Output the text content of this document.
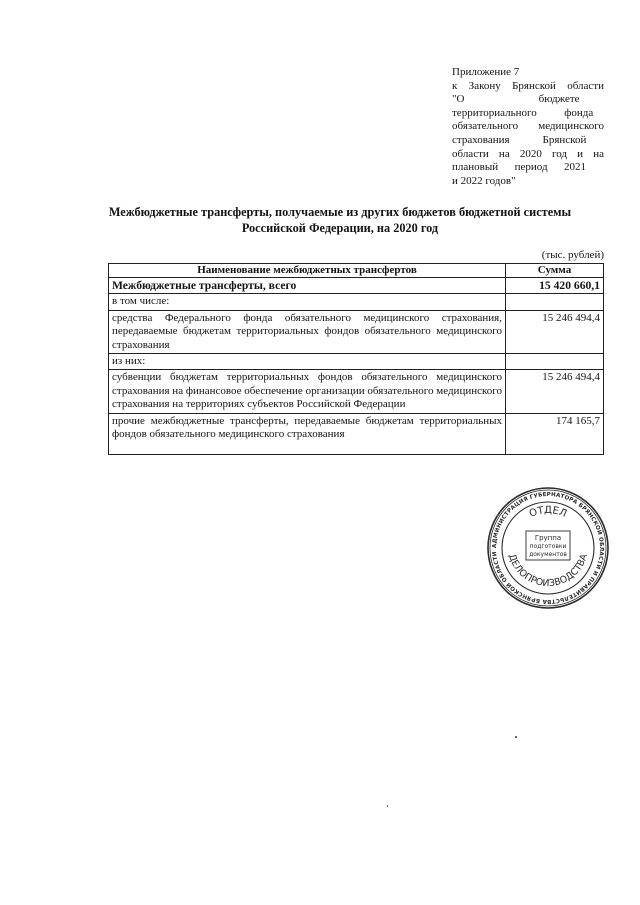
Приложение 7
к Закону Брянской области
"О                           бюджете
территориального          фонда
обязательного медицинского
страхования            Брянской
области на 2020 год и на
плановый      период      2021
и 2022 годов"
Межбюджетные трансферты, получаемые из других бюджетов бюджетной системы
Российской Федерации, на 2020 год
(тыс. рублей)
Наименование межбюджетных трансфертов	Сумма
Межбюджетные трансферты, всего	15 420 660,1
в том числе:	
средства Федерального фонда обязательного медицинского страхования, передаваемые бюджетам территориальных фондов обязательного медицинского страхования	15 246 494,4
из них:	
субвенции бюджетам территориальных фондов обязательного медицинского страхования на финансовое обеспечение организации обязательного медицинского страхования на территориях субъектов Российской Федерации	15 246 494,4
прочие межбюджетные трансферты, передаваемые бюджетам территориальных фондов обязательного медицинского страхования	174 165,7
АДМИНИСТРАЦИЯ ГУБЕРНАТОРА БРЯНСКОЙ ОБЛАСТИ И ПРАВИТЕЛЬСТВА БРЯНСКОЙ ОБЛАСТИ
ОТДЕЛ
ДЕЛОПРОИЗВОДСТВА
Группа
подготовки
документов
